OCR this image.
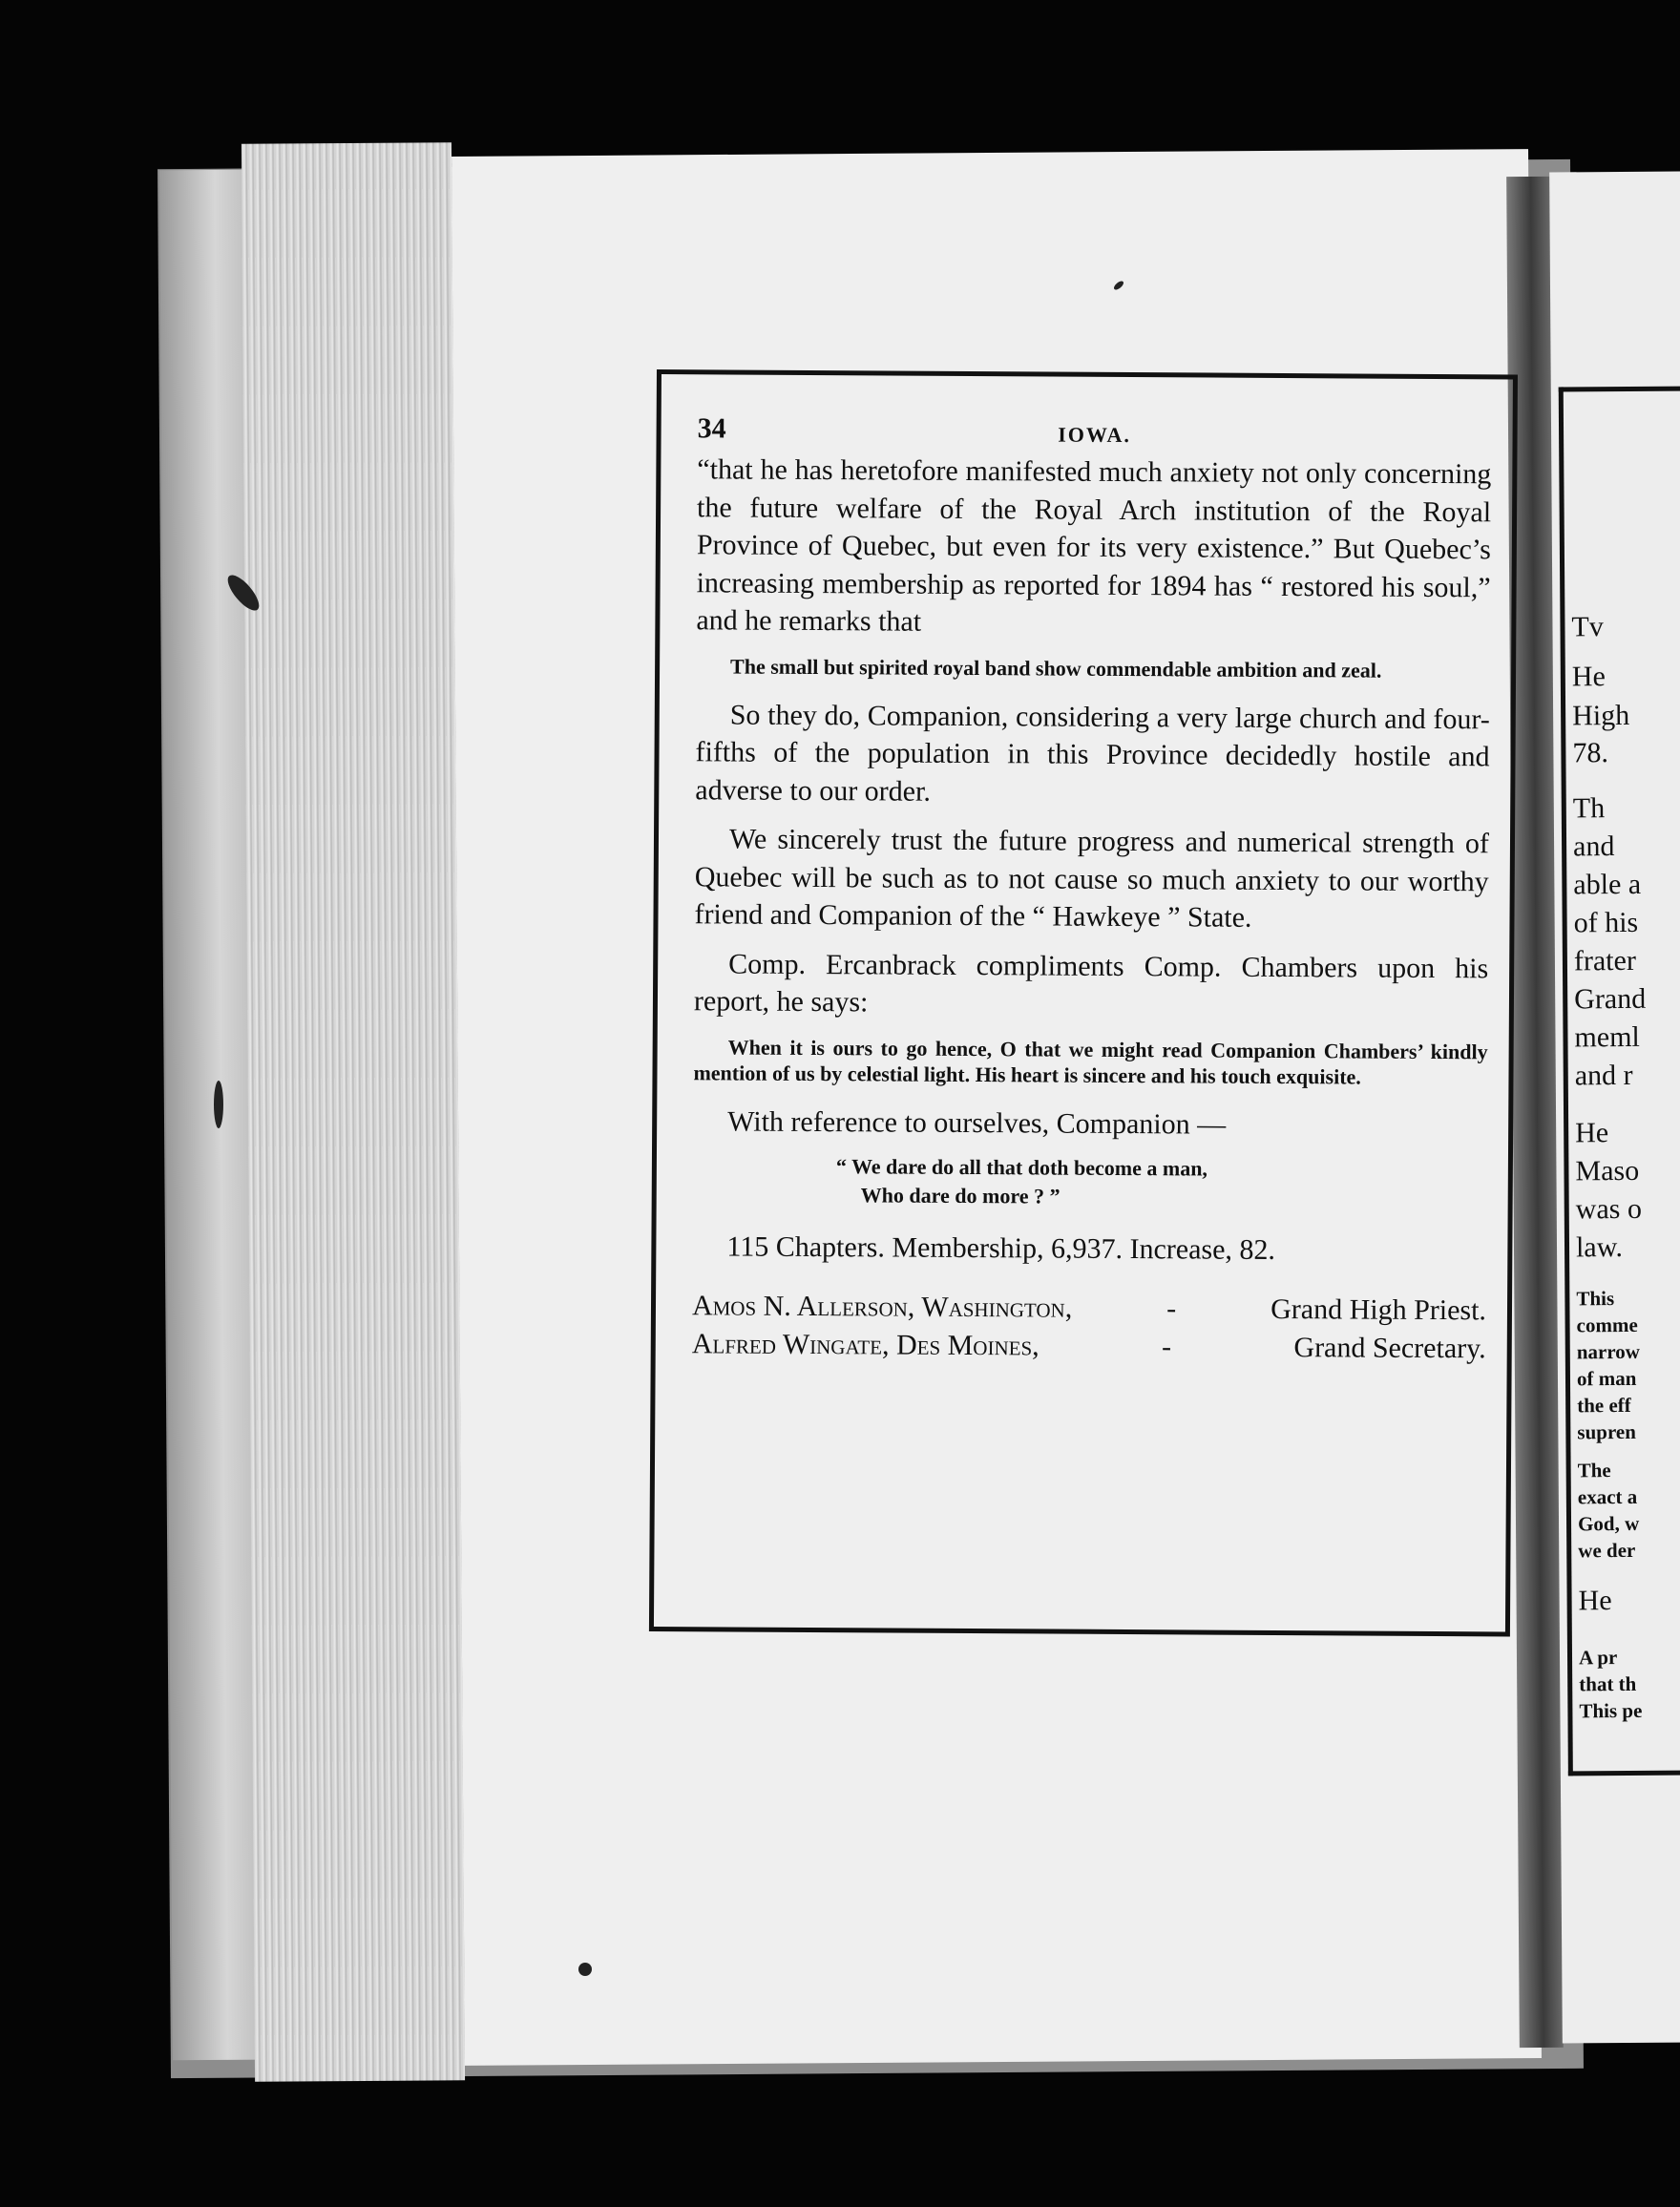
Tv
He
High
78.
Th
and
able a
of his
frater
Grand
meml
and r
He
Maso
was o
law.
This
comme
narrow
of man
the eff
supren
The
exact a
God, w
we der
He
A pr
that th
This pe
34	IOWA.

“that he has heretofore manifested much anxiety not only concerning the future welfare of the Royal Arch institution of the Royal Province of Quebec, but even for its very existence.” But Quebec’s increasing membership as reported for 1894 has “ restored his soul,” and he remarks that

The small but spirited royal band show commendable ambition and zeal.

So they do, Companion, considering a very large church and four-fifths of the population in this Province decidedly hostile and adverse to our order.

We sincerely trust the future progress and numerical strength of Quebec will be such as to not cause so much anxiety to our worthy friend and Companion of the “ Hawkeye ” State.

Comp. Ercanbrack compliments Comp. Chambers upon his report, he says:

When it is ours to go hence, O that we might read Companion Chambers’ kindly mention of us by celestial light. His heart is sincere and his touch exquisite.

With reference to ourselves, Companion —

“ We dare do all that doth become a man,
Who dare do more ? ”

115 Chapters. Membership, 6,937. Increase, 82.

Amos N. Allerson, Washington,	-	Grand High Priest.
Alfred Wingate, Des Moines,	-	Grand Secretary.
